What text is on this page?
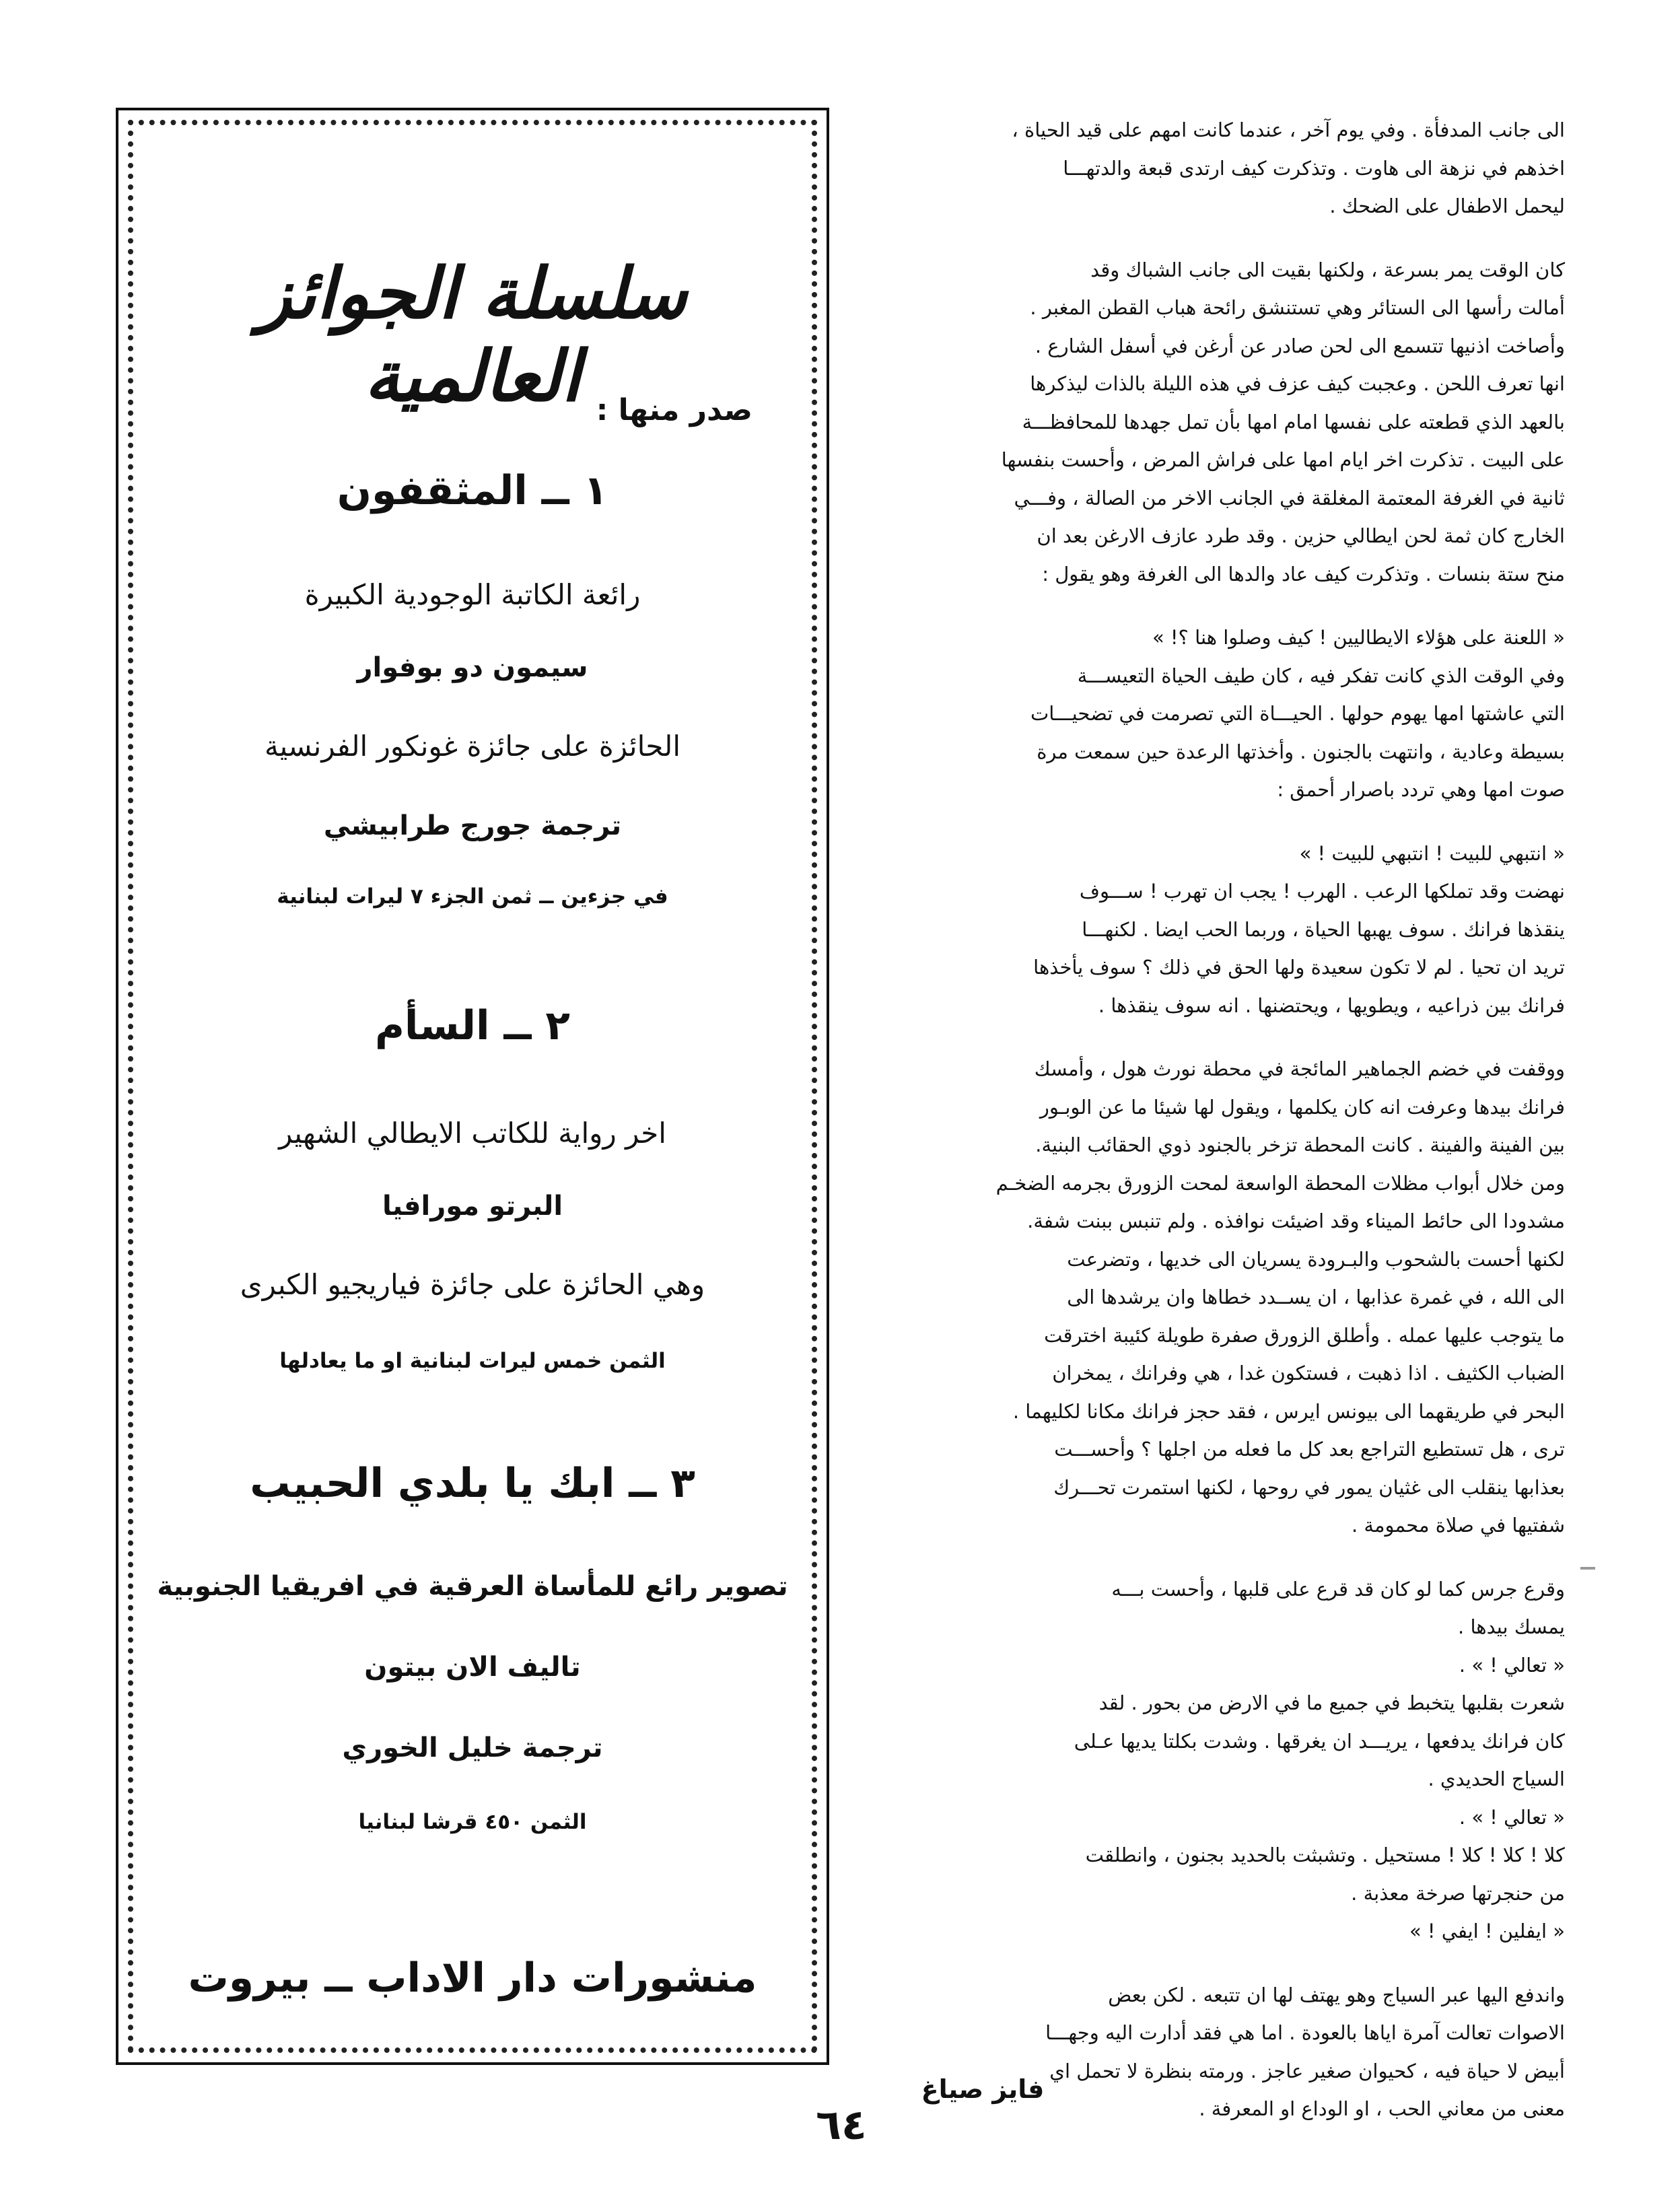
الى جانب المدفأة . وفي يوم آخر ، عندما كانت امهم على قيد الحياة ،
اخذهم في نزهة الى هاوت . وتذكرت كيف ارتدى قبعة والدتهـــا
ليحمل الاطفال على الضحك .

كان الوقت يمر بسرعة ، ولكنها بقيت الى جانب الشباك وقد
أمالت رأسها الى الستائر وهي تستنشق رائحة هباب القطن المغبر .
وأصاخت اذنيها تتسمع الى لحن صادر عن أرغن في أسفل الشارع .
انها تعرف اللحن . وعجبت كيف عزف في هذه الليلة بالذات ليذكرها
بالعهد الذي قطعته على نفسها امام امها بأن تمل جهدها للمحافظـــة
على البيت . تذكرت اخر ايام امها على فراش المرض ، وأحست بنفسها
ثانية في الغرفة المعتمة المغلقة في الجانب الاخر من الصالة ، وفـــي
الخارج كان ثمة لحن ايطالي حزين . وقد طرد عازف الارغن بعد ان
منح ستة بنسات . وتذكرت كيف عاد والدها الى الغرفة وهو يقول :

« اللعنة على هؤلاء الايطاليين ! كيف وصلوا هنا ؟! »
وفي الوقت الذي كانت تفكر فيه ، كان طيف الحياة التعيســـة
التي عاشتها امها يهوم حولها . الحيـــاة التي تصرمت في تضحيـــات
بسيطة وعادية ، وانتهت بالجنون . وأخذتها الرعدة حين سمعت مرة
صوت امها وهي تردد باصرار أحمق :

« انتبهي للبيت ! انتبهي للبيت ! »
نهضت وقد تملكها الرعب . الهرب ! يجب ان تهرب ! ســـوف
ينقذها فرانك . سوف يهبها الحياة ، وربما الحب ايضا . لكنهـــا
تريد ان تحيا . لم لا تكون سعيدة ولها الحق في ذلك ؟ سوف يأخذها
فرانك بين ذراعيه ، ويطويها ، ويحتضنها . انه سوف ينقذها .

ووقفت في خضم الجماهير المائجة في محطة نورث هول ، وأمسك
فرانك بيدها وعرفت انه كان يكلمها ، ويقول لها شيئا ما عن الوبـور
بين الفينة والفينة . كانت المحطة تزخر بالجنود ذوي الحقائب البنية.
ومن خلال أبواب مظلات المحطة الواسعة لمحت الزورق بجرمه الضخـم
مشدودا الى حائط الميناء وقد اضيئت نوافذه . ولم تنبس ببنت شفة.
لكنها أحست بالشحوب والبـرودة يسريان الى خديها ، وتضرعت
الى الله ، في غمرة عذابها ، ان يســدد خطاها وان يرشدها الى
ما يتوجب عليها عمله . وأطلق الزورق صفرة طويلة كئيبة اخترقت
الضباب الكثيف . اذا ذهبت ، فستكون غدا ، هي وفرانك ، يمخران
البحر في طريقهما الى بيونس ايرس ، فقد حجز فرانك مكانا لكليهما .
ترى ، هل تستطيع التراجع بعد كل ما فعله من اجلها ؟ وأحســـت
بعذابها ينقلب الى غثيان يمور في روحها ، لكنها استمرت تحـــرك
شفتيها في صلاة محمومة .

وقرع جرس كما لو كان قد قرع على قلبها ، وأحست بـــه
يمسك بيدها .

« تعالي ! » .
شعرت بقلبها يتخبط في جميع ما في الارض من بحور . لقد
كان فرانك يدفعها ، يريـــد ان يغرقها . وشدت بكلتا يديها عـلى
السياج الحديدي .
« تعالي ! » .
كلا ! كلا ! كلا ! مستحيل . وتشبثت بالحديد بجنون ، وانطلقت
من حنجرتها صرخة معذبة .
« ايفلين ! ايفي ! »

واندفع اليها عبر السياج وهو يهتف لها ان تتبعه . لكن بعض
الاصوات تعالت آمرة اياها بالعودة . اما هي فقد أدارت اليه وجهـــا
أبيض لا حياة فيه ، كحيوان صغير عاجز . ورمته بنظرة لا تحمل اي
معنى من معاني الحب ، او الوداع او المعرفة .

فايز صياغ
٦٤
سلسلة الجوائز العالمية صدر منها :
١ ــ المثقفون
رائعة الكاتبة الوجودية الكبيرة
سيمون دو بوفوار
الحائزة على جائزة غونكور الفرنسية
ترجمة جورج طرابيشي
في جزءين ــ ثمن الجزء ٧ ليرات لبنانية
٢ ــ السأم
اخر رواية للكاتب الايطالي الشهير
البرتو مورافيا
وهي الحائزة على جائزة فياريجيو الكبرى
الثمن خمس ليرات لبنانية او ما يعادلها
٣ ــ ابك يا بلدي الحبيب
تصوير رائع للمأساة العرقية في افريقيا الجنوبية
تاليف الان بيتون
ترجمة خليل الخوري
الثمن ٤٥٠ قرشا لبنانيا
منشورات دار الاداب ــ بيروت
